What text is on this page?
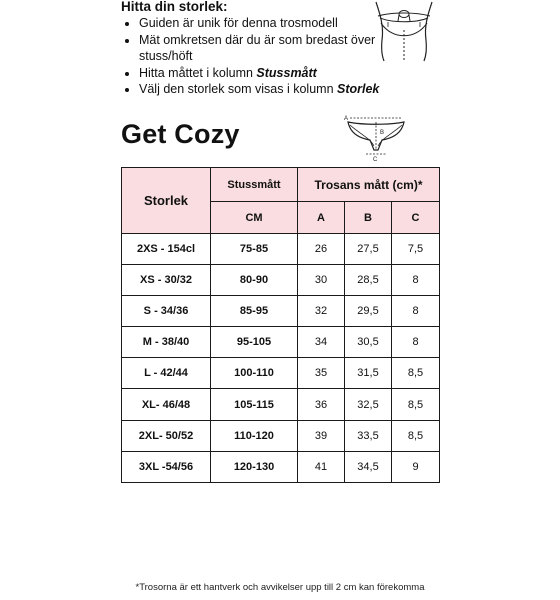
Hitta din storlek:
• Guiden är unik för denna trosmodell
• Mät omkretsen där du är som bredast över stuss/höft
• Hitta måttet i kolumn Stussmått
• Välj den storlek som visas i kolumn Storlek
Get Cozy	A
B
C
Storlek	Stussmått	Trosans mått (cm)*		
	CM	A	B	C
2XS - 154cl	75-85	26	27,5	7,5
XS - 30/32	80-90	30	28,5	8
S - 34/36	85-95	32	29,5	8
M - 38/40	95-105	34	30,5	8
L - 42/44	100-110	35	31,5	8,5
XL- 46/48	105-115	36	32,5	8,5
2XL- 50/52	110-120	39	33,5	8,5
3XL -54/56	120-130	41	34,5	9
*Trosorna är ett hantverk och avvikelser upp till 2 cm kan förekomma
